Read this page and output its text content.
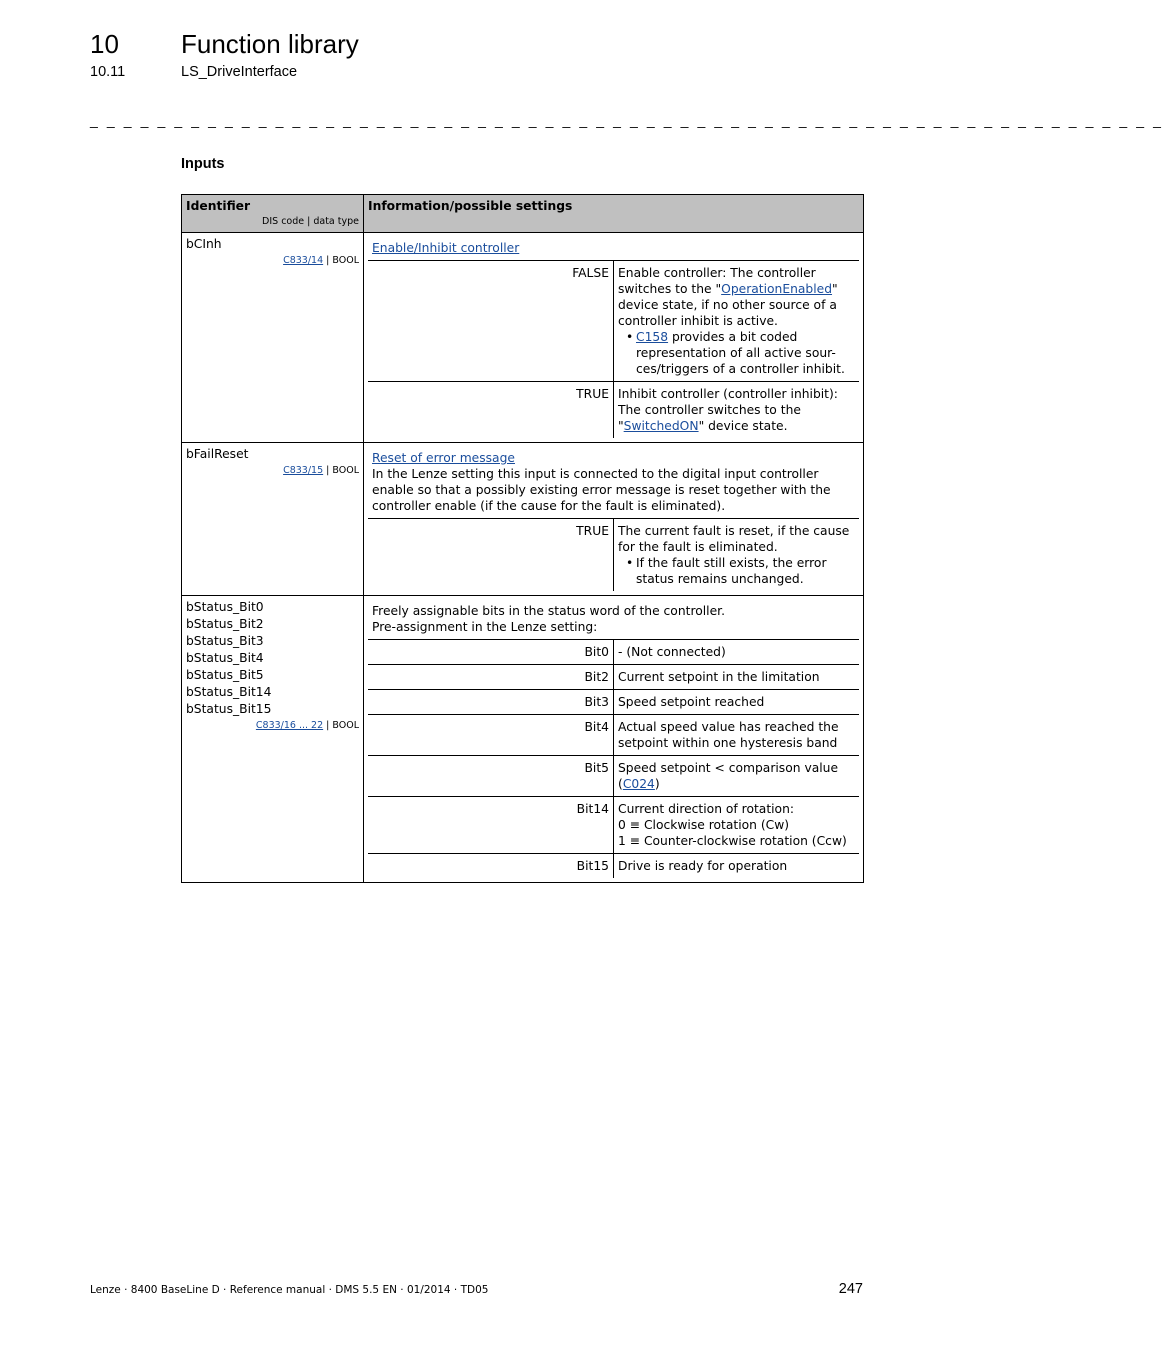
10 Function library
10.11	LS_DriveInterface
_ _ _ _ _ _ _ _ _ _ _ _ _ _ _ _ _ _ _ _ _ _ _ _ _ _ _ _ _ _ _ _ _ _ _ _ _ _ _ _ _ _ _ _ _ _ _ _ _ _ _ _ _ _ _ _ _ _ _ _ _ _ _ _
Inputs
Identifier
DIS code | data type
	Information/possible settings
bCInh
C833/14 | BOOL

Enable/Inhibit controller
FALSE	Enable controller: The controller switches to the "OperationEnabled" device state, if no other source of a controller inhibit is active.
• C158 provides a bit coded representation of all active sour-ces/triggers of a controller inhibit.

TRUE	Inhibit controller (controller inhibit): The controller switches to the "SwitchedON" device state.

bFailReset
C833/15 | BOOL

Reset of error message
In the Lenze setting this input is connected to the digital input controller enable so that a possibly existing error message is reset together with the controller enable (if the cause for the fault is eliminated).
TRUE	The current fault is reset, if the cause for the fault is eliminated.
• If the fault still exists, the error status remains unchanged.

bStatus_Bit0
bStatus_Bit2
bStatus_Bit3
bStatus_Bit4
bStatus_Bit5
bStatus_Bit14
bStatus_Bit15
C833/16 ... 22 | BOOL

Freely assignable bits in the status word of the controller.
Pre-assignment in the Lenze setting:
Bit0	- (Not connected)
Bit2	Current setpoint in the limitation
Bit3	Speed setpoint reached
Bit4	Actual speed value has reached the setpoint within one hysteresis band
Bit5	Speed setpoint < comparison value (C024)
Bit14	Current direction of rotation:
0 ≡ Clockwise rotation (Cw)
1 ≡ Counter-clockwise rotation (Ccw)
Bit15	Drive is ready for operation
Lenze · 8400 BaseLine D · Reference manual · DMS 5.5 EN · 01/2014 · TD05	247
